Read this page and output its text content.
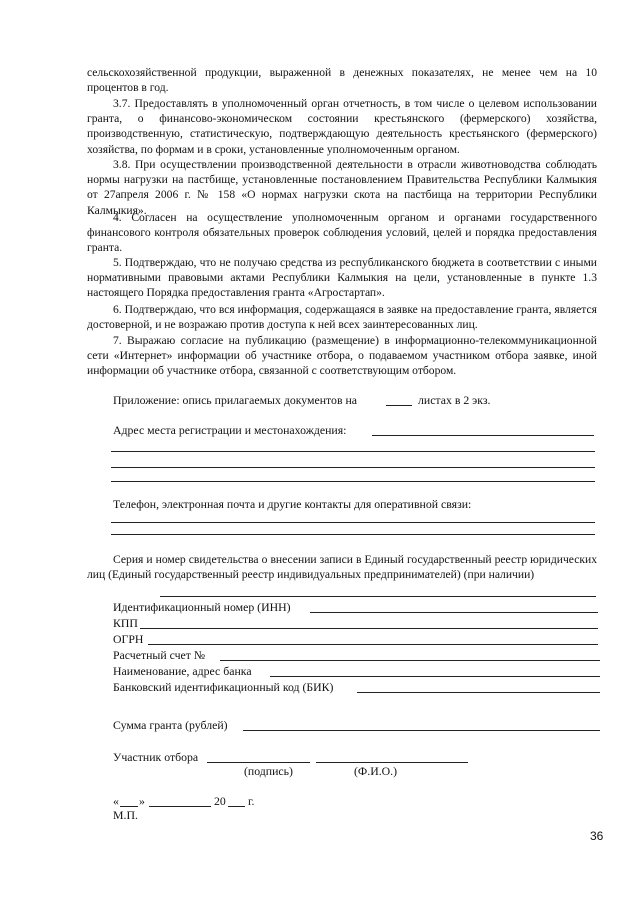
сельскохозяйственной продукции, выраженной в денежных показателях, не менее чем на 10 процентов в год.

3.7. Предоставлять в уполномоченный орган отчетность, в том числе о целевом использовании гранта, о финансово-экономическом состоянии крестьянского (фермерского) хозяйства, производственную, статистическую, подтверждающую деятельность крестьянского (фермерского) хозяйства, по формам и в сроки, установленные уполномоченным органом.

3.8. При осуществлении производственной деятельности в отрасли животноводства соблюдать нормы нагрузки на пастбище, установленные постановлением Правительства Республики Калмыкия от 27апреля 2006 г. № 158 «О нормах нагрузки скота на пастбища на территории Республики Калмыкия».

4. Согласен на осуществление уполномоченным органом и органами государственного финансового контроля обязательных проверок соблюдения условий, целей и порядка предоставления гранта.

5. Подтверждаю, что не получаю средства из республиканского бюджета в соответствии с иными нормативными правовыми актами Республики Калмыкия на цели, установленные в пункте 1.3 настоящего Порядка предоставления гранта «Агростартап».

6. Подтверждаю, что вся информация, содержащаяся в заявке на предоставление гранта, является достоверной, и не возражаю против доступа к ней всех заинтересованных лиц.

7. Выражаю согласие на публикацию (размещение) в информационно-телекоммуникационной сети «Интернет» информации об участнике отбора, о подаваемом участником отбора заявке, иной информации об участнике отбора, связанной с соответствующим отбором.

Приложение: опись прилагаемых документов на	листах в 2 экз.
Адрес места регистрации и местонахождения:
Телефон, электронная почта и другие контакты для оперативной связи:

Серия и номер свидетельства о внесении записи в Единый государственный реестр юридических лиц (Единый государственный реестр индивидуальных предпринимателей) (при наличии)

Идентификационный номер (ИНН)
КПП
ОГРН
Расчетный счет №
Наименование, адрес банка
Банковский идентификационный код (БИК)
Сумма гранта (рублей)
Участник отбора
(подпись)	(Ф.И.О.)
« »	20 г.
М.П.
36
